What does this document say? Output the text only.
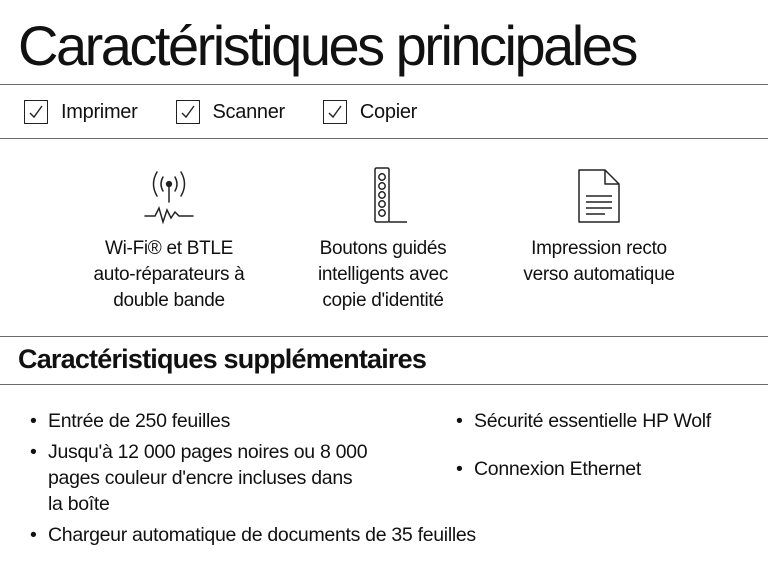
Caractéristiques principales
Imprimer	Scanner	Copier
Wi-Fi® et BTLE
auto-réparateurs à
double bande
Boutons guidés
intelligents avec
copie d'identité
Impression recto
verso automatique
Caractéristiques supplémentaires
• Entrée de 250 feuilles
• Jusqu'à 12 000 pages noires ou 8 000
pages couleur d'encre incluses dans
la boîte
• Chargeur automatique de documents de 35 feuilles
• Sécurité essentielle HP Wolf
• Connexion Ethernet
